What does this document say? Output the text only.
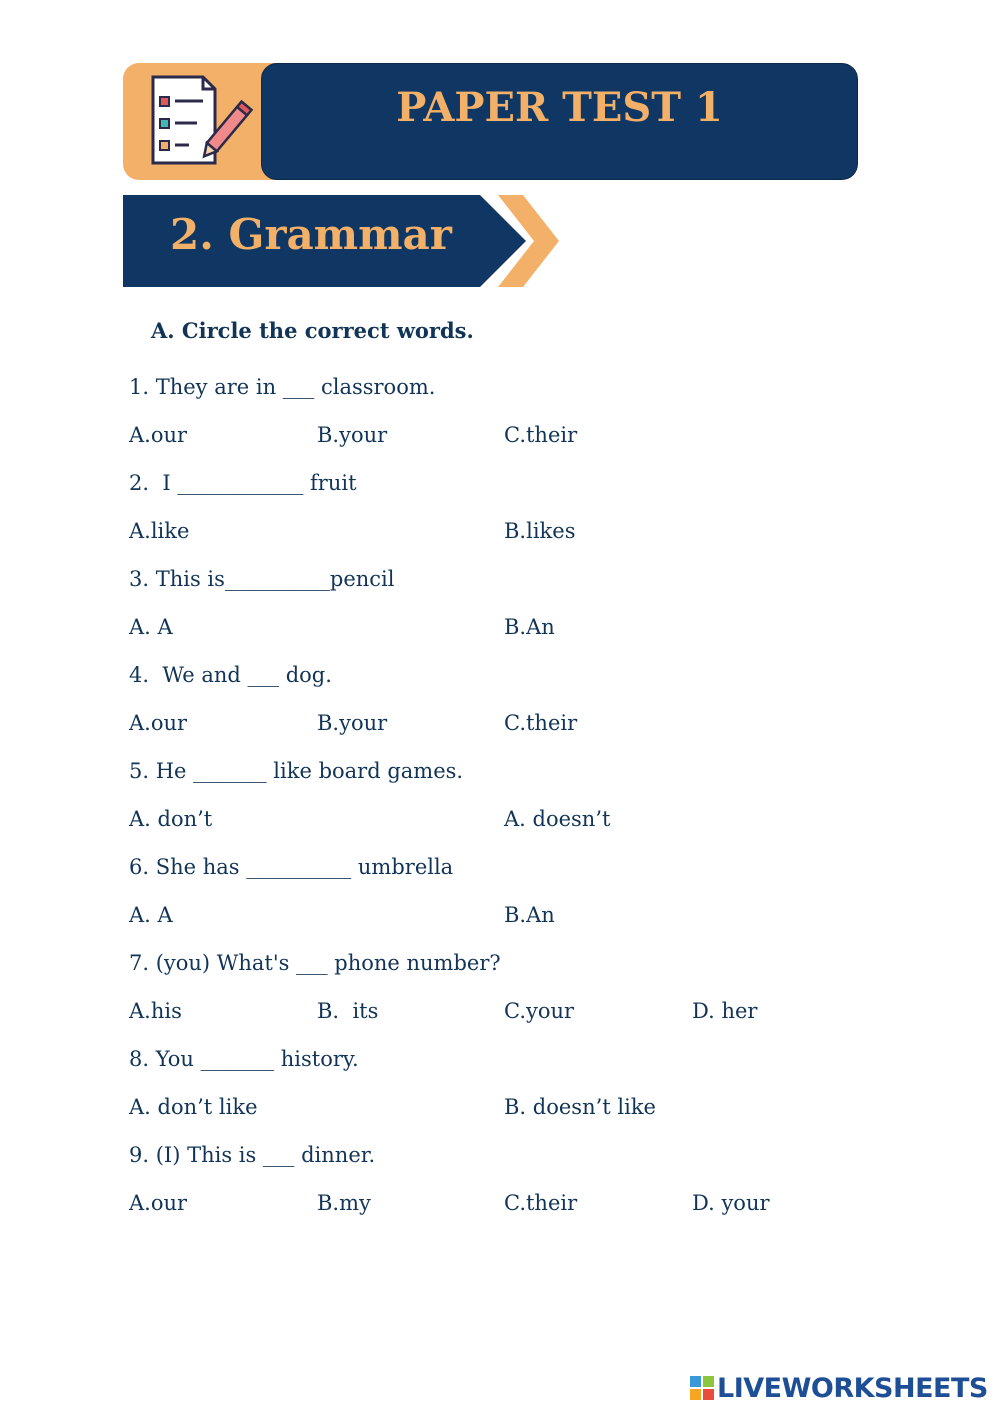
PAPER TEST 1
2. Grammar
A. Circle the correct words.
1. They are in ___ classroom.
A.our	B.your	C.their
2.  I ____________ fruit
A.like	B.likes
3. This is__________pencil
A. A	B.An
4.  We and ___ dog.
A.our	B.your	C.their
5. He _______ like board games.
A. don’t	A. doesn’t
6. She has __________ umbrella
A. A	B.An
7. (you) What's ___ phone number?
A.his	B.  its	C.your	D. her
8. You _______ history.
A. don’t like	B. doesn’t like
9. (I) This is ___ dinner.
A.our	B.my	C.their	D. your
LIVEWORKSHEETS
